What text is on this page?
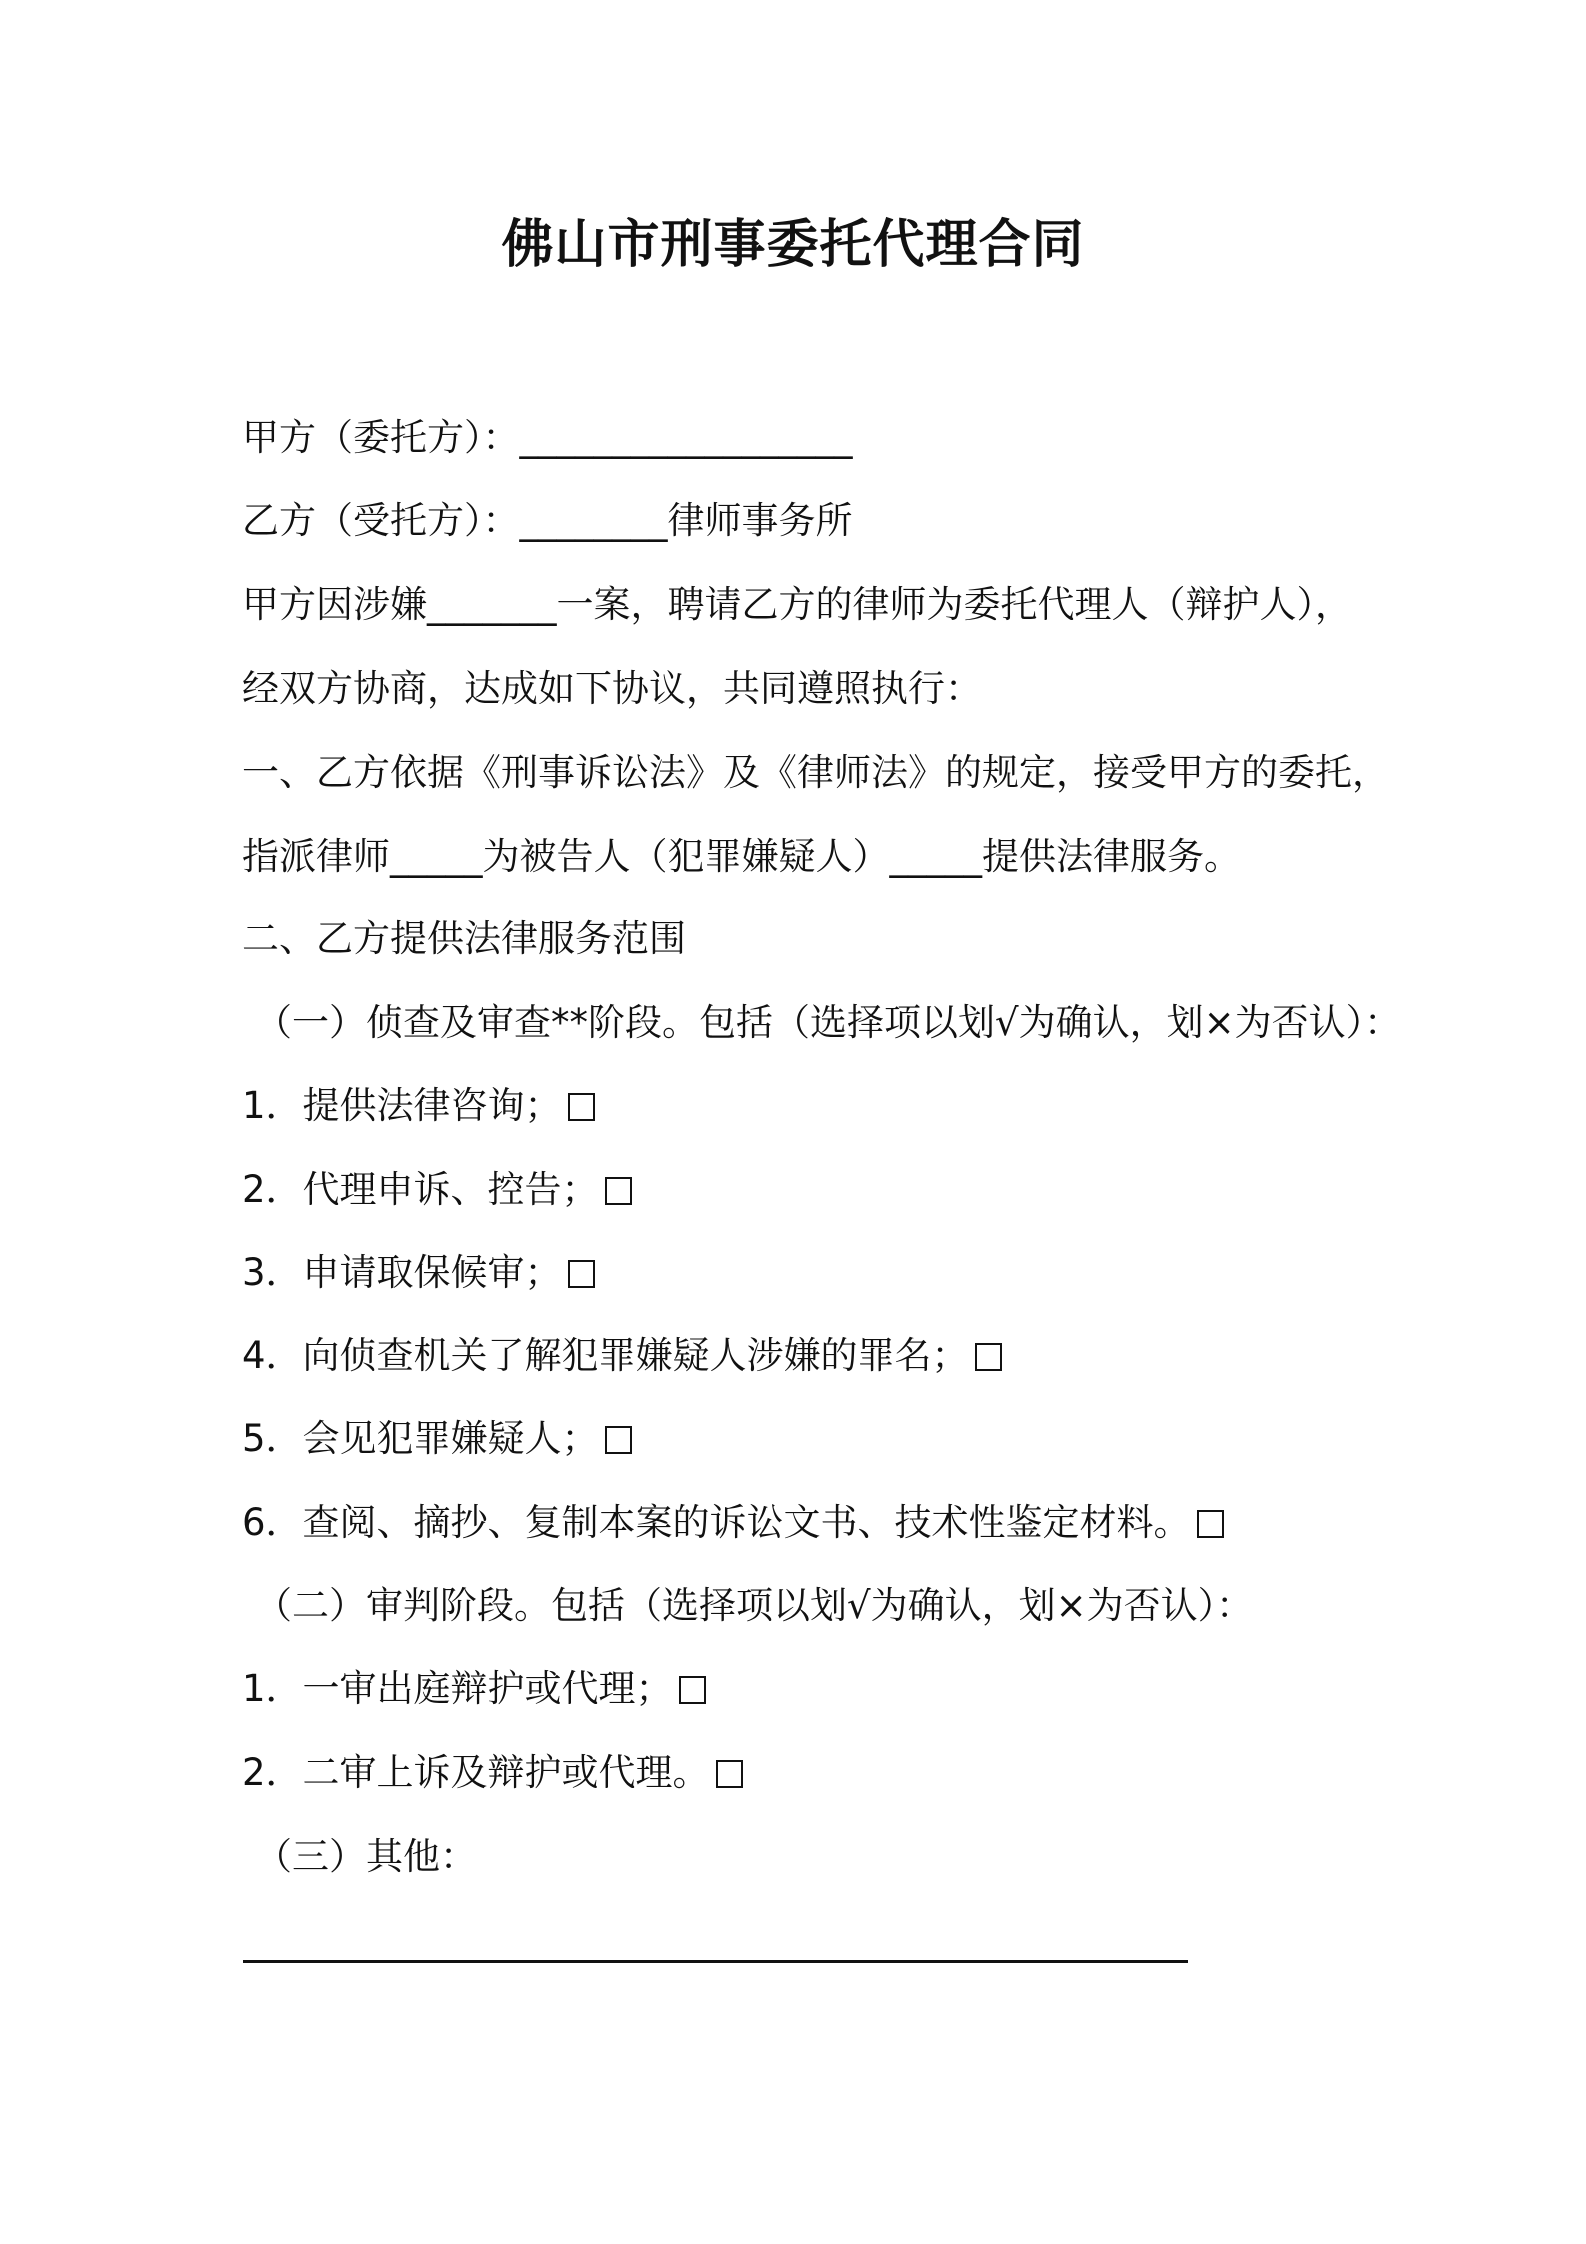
佛山市刑事委托代理合同
甲方（委托方）：__________________
乙方（受托方）：________律师事务所
甲方因涉嫌_______一案，聘请乙方的律师为委托代理人（辩护人），
经双方协商，达成如下协议，共同遵照执行：
一、乙方依据《刑事诉讼法》及《律师法》的规定，接受甲方的委托，
指派律师_____为被告人（犯罪嫌疑人）_____提供法律服务。
二、乙方提供法律服务范围
（一）侦查及审查**阶段。包括（选择项以划√为确认，划×为否认）：
1．提供法律咨询；
2．代理申诉、控告；
3．申请取保候审；
4．向侦查机关了解犯罪嫌疑人涉嫌的罪名；
5．会见犯罪嫌疑人；
6．查阅、摘抄、复制本案的诉讼文书、技术性鉴定材料。
（二）审判阶段。包括（选择项以划√为确认，划×为否认）：
1．一审出庭辩护或代理；
2．二审上诉及辩护或代理。
（三）其他：
